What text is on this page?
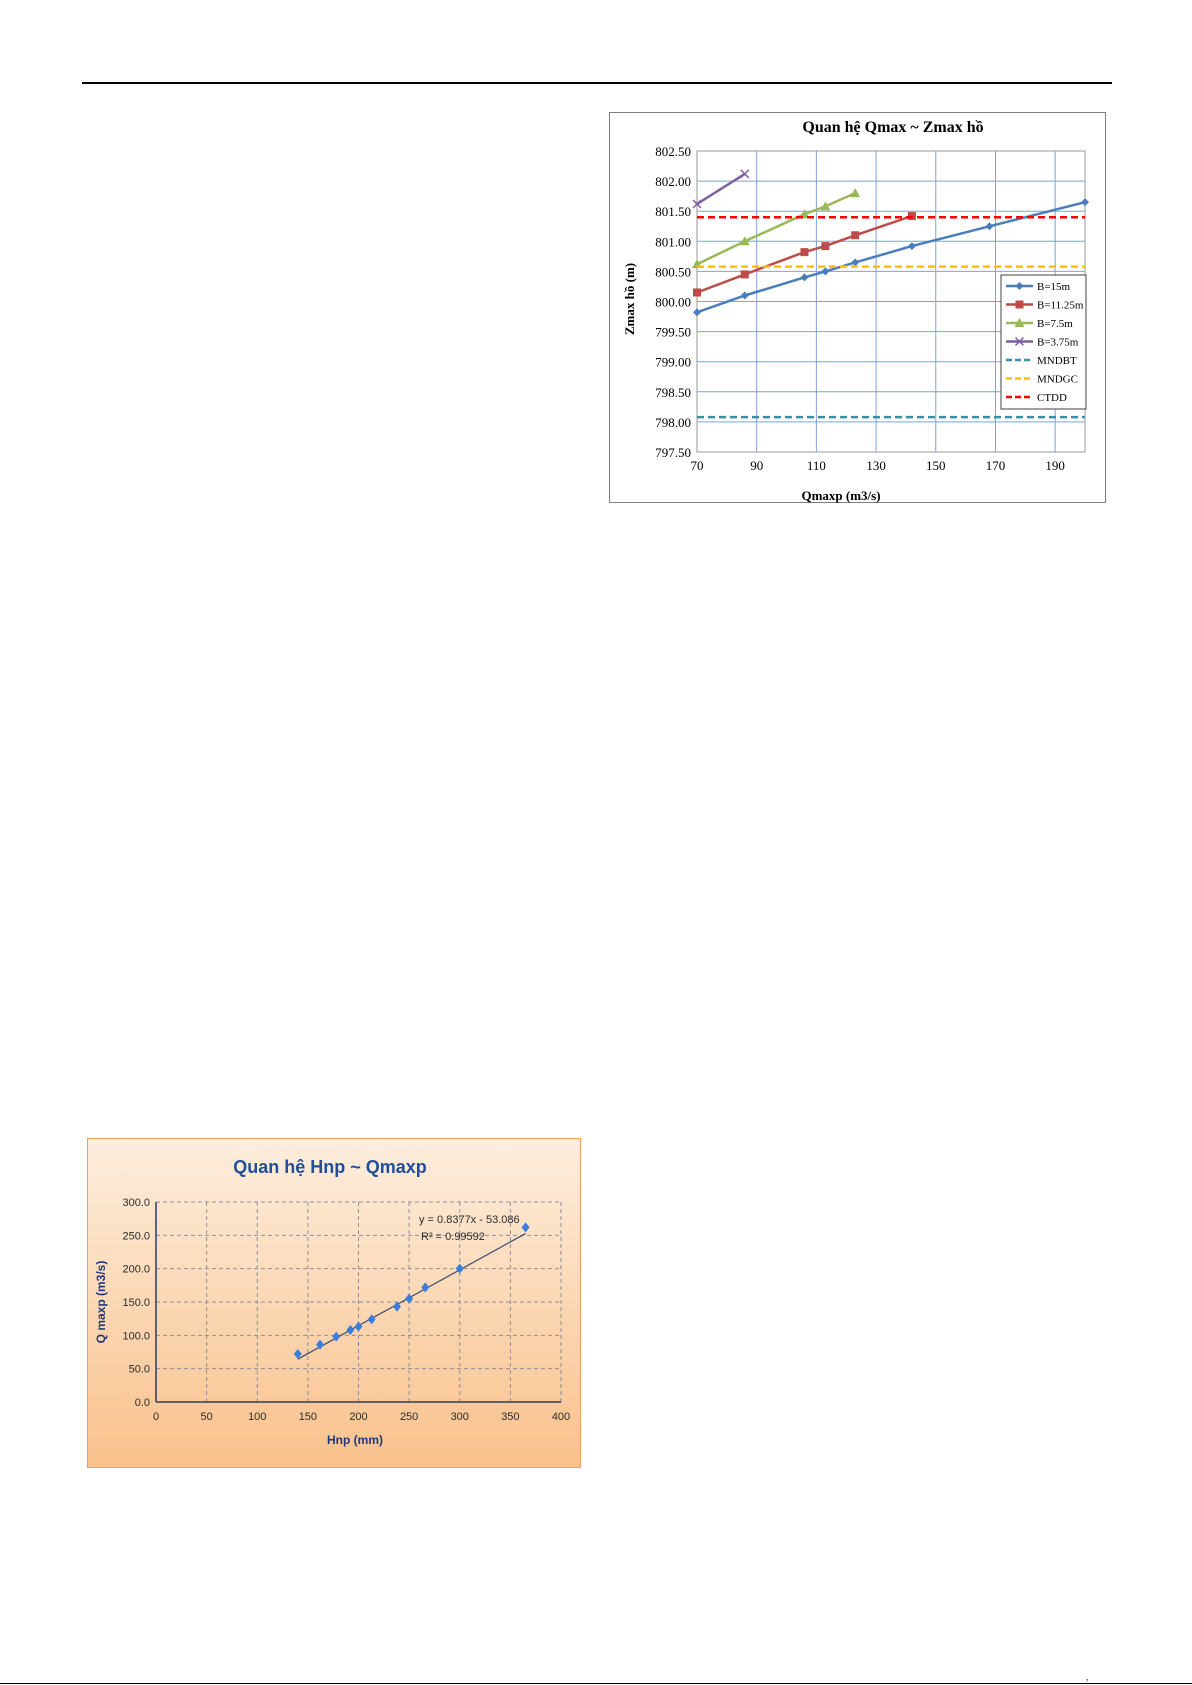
Quan hệ Qmax ~ Zmax hồ
797.50
798.00
798.50
799.00
799.50
800.00
800.50
801.00
801.50
802.00
802.50
70	90	110	130	150	170	190
Qmaxp (m3/s)
Zmax hồ (m)	B=15m
B=11.25m
B=7.5m
B=3.75m
MNDBT
MNDGC
CTDD
Quan hệ Hnp ~ Qmaxp
0.0
50.0
100.0
150.0
200.0
250.0
300.0
0	50	100	150	200	250	300	350	400
Hnp (mm)
Q maxp (m3/s)
y = 0.8377x - 53.086
R² = 0.99592
,
